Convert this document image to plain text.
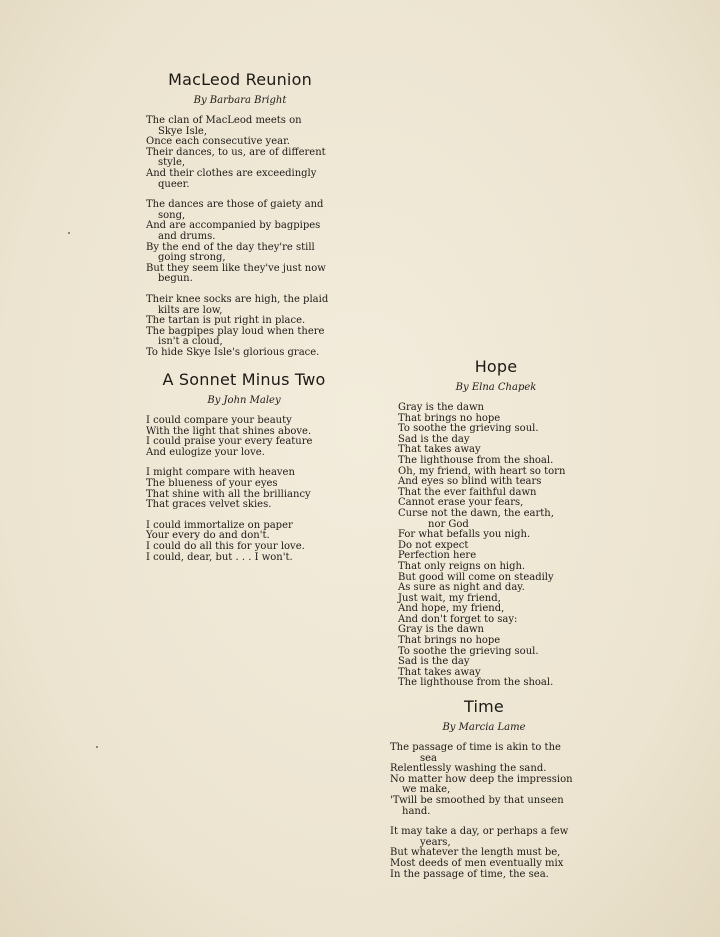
MacLeod Reunion
By Barbara Bright
The clan of MacLeod meets on
Skye Isle,
Once each consecutive year.
Their dances, to us, are of different
style,
And their clothes are exceedingly
queer.
The dances are those of gaiety and
song,
And are accompanied by bagpipes
and drums.
By the end of the day they're still
going strong,
But they seem like they've just now
begun.
Their knee socks are high, the plaid
kilts are low,
The tartan is put right in place.
The bagpipes play loud when there
isn't a cloud,
To hide Skye Isle's glorious grace.
A Sonnet Minus Two
By John Maley
I could compare your beauty
With the light that shines above.
I could praise your every feature
And eulogize your love.
I might compare with heaven
The blueness of your eyes
That shine with all the brilliancy
That graces velvet skies.
I could immortalize on paper
Your every do and don't.
I could do all this for your love.
I could, dear, but . . . I won't.
Hope
By Elna Chapek
Gray is the dawn
That brings no hope
To soothe the grieving soul.
Sad is the day
That takes away
The lighthouse from the shoal.
Oh, my friend, with heart so torn
And eyes so blind with tears
That the ever faithful dawn
Cannot erase your fears,
Curse not the dawn, the earth,
nor God
For what befalls you nigh.
Do not expect
Perfection here
That only reigns on high.
But good will come on steadily
As sure as night and day.
Just wait, my friend,
And hope, my friend,
And don't forget to say:
Gray is the dawn
That brings no hope
To soothe the grieving soul.
Sad is the day
That takes away
The lighthouse from the shoal.
Time
By Marcia Lame
The passage of time is akin to the
sea
Relentlessly washing the sand.
No matter how deep the impression
we make,
'Twill be smoothed by that unseen
hand.
It may take a day, or perhaps a few
years,
But whatever the length must be,
Most deeds of men eventually mix
In the passage of time, the sea.
